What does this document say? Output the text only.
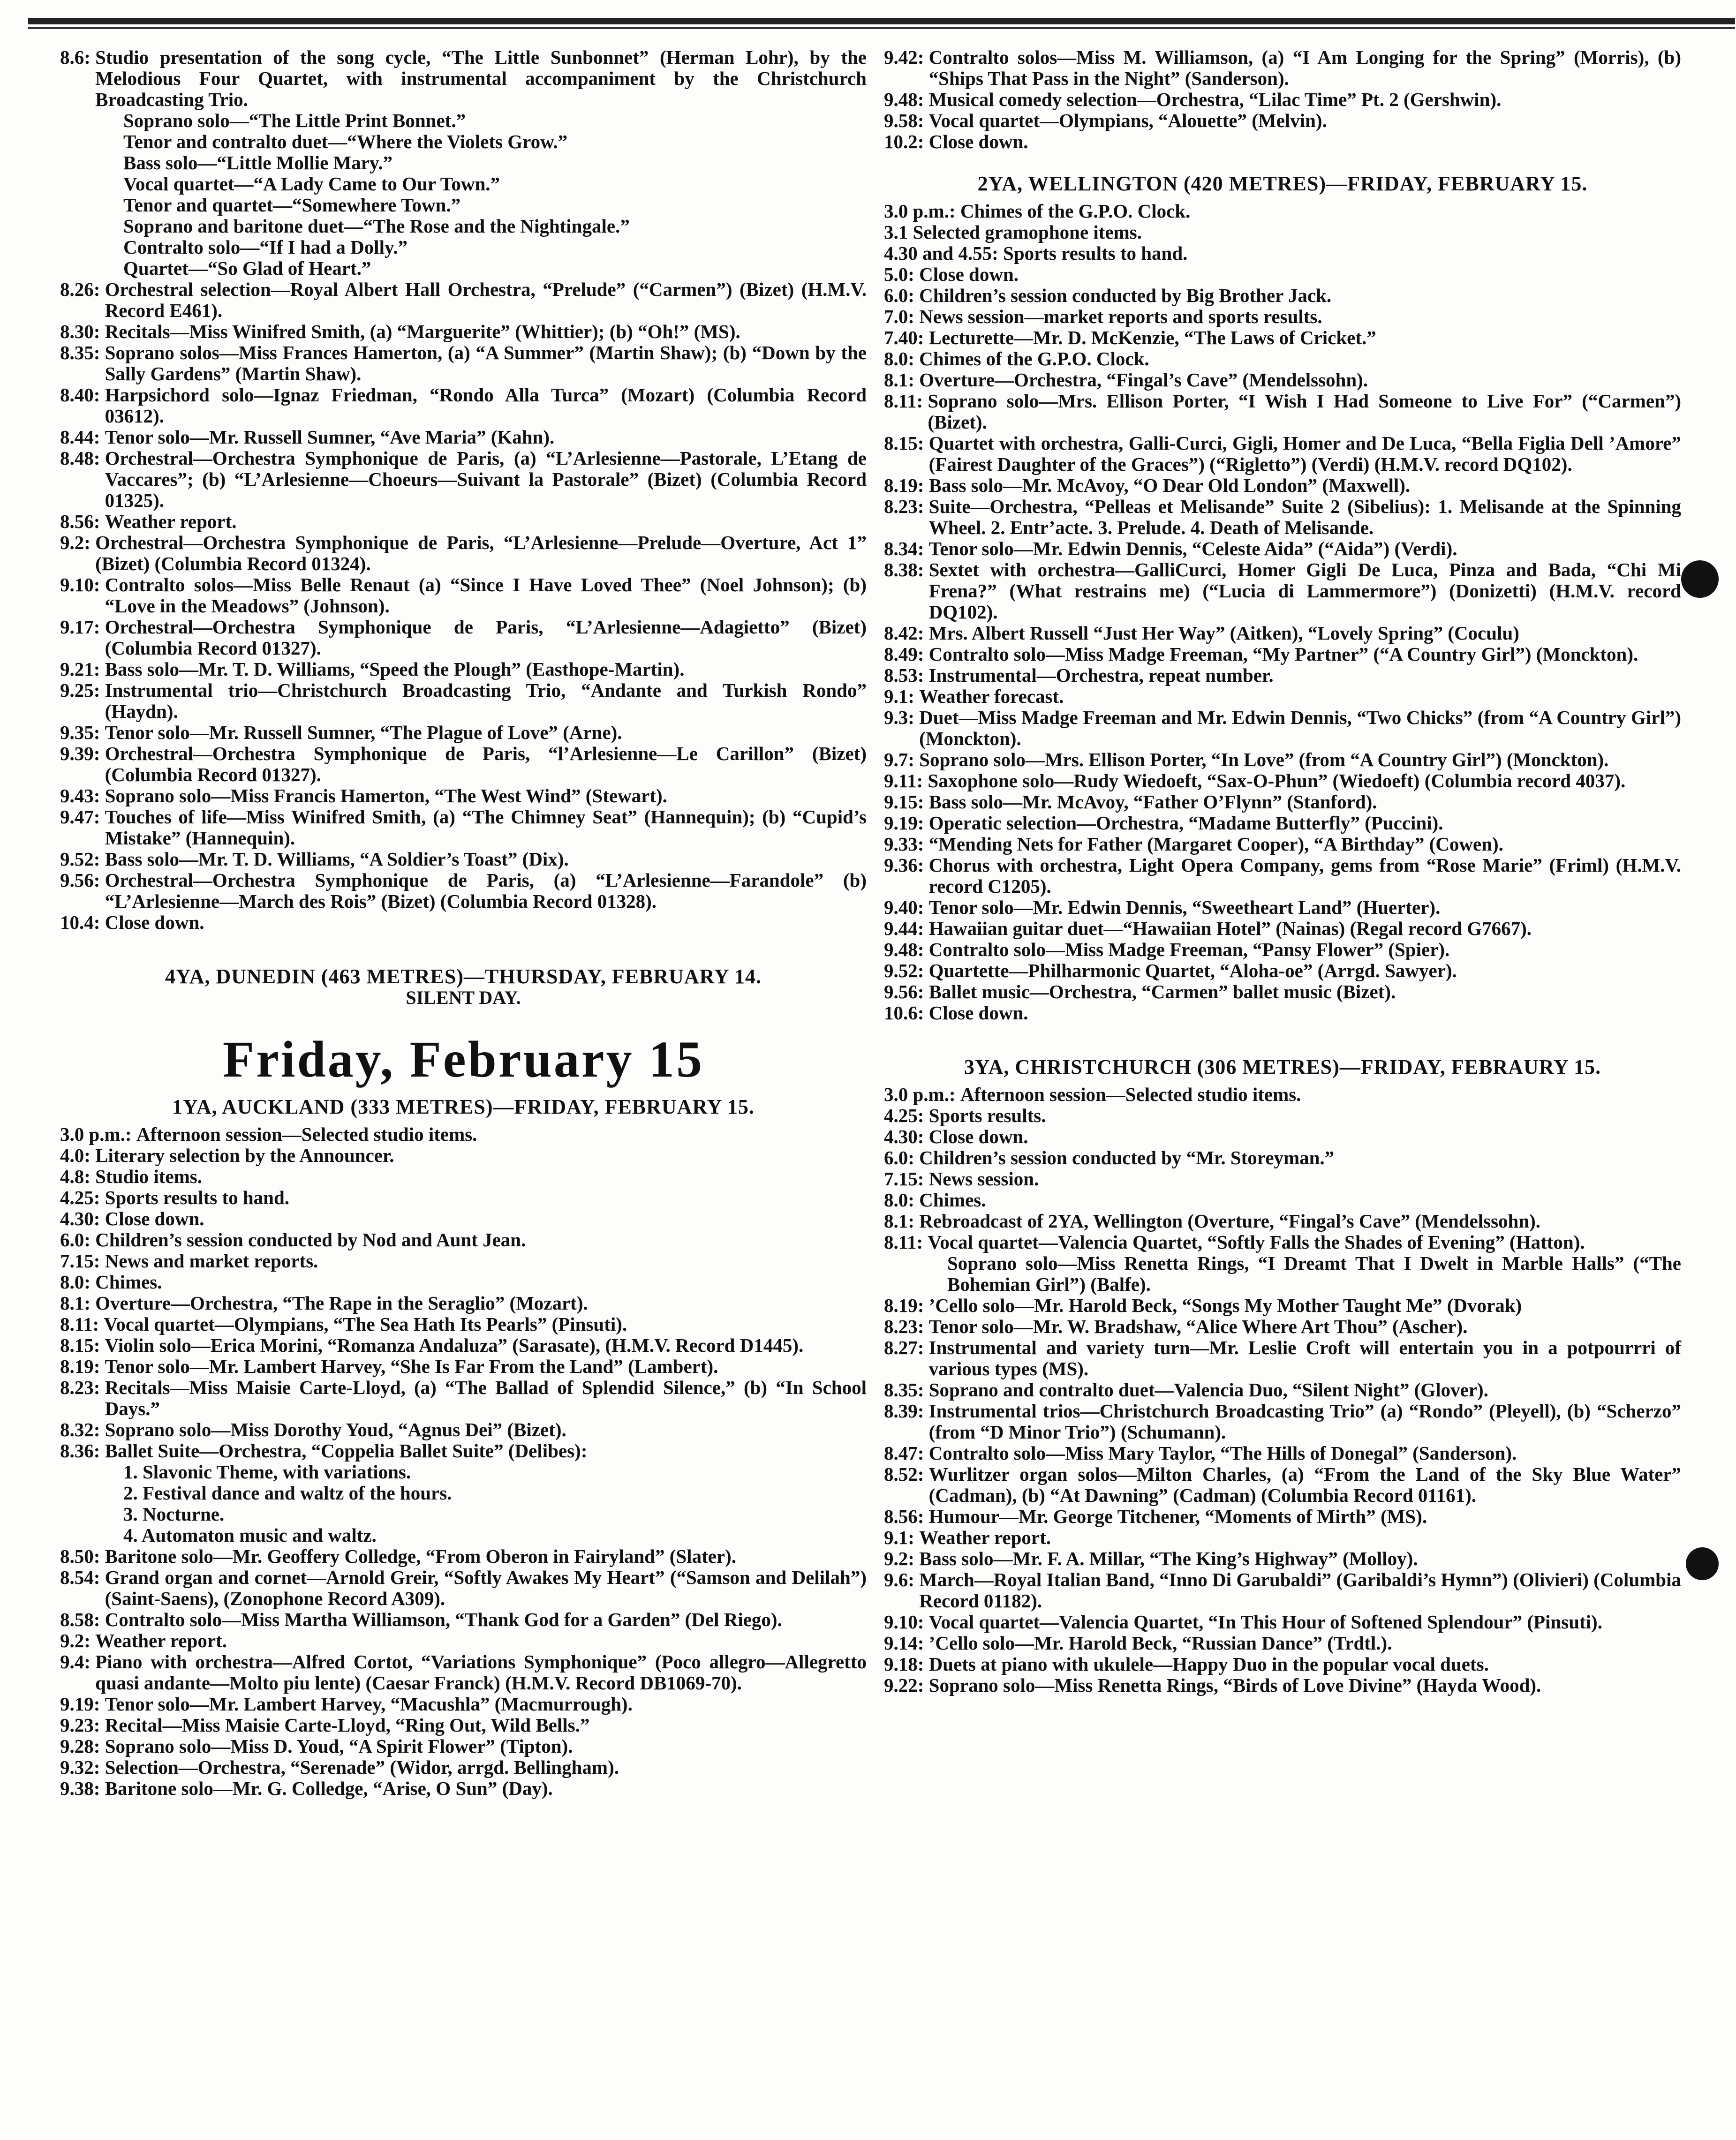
8.6:
Studio presentation of the song cycle, “The Little Sunbonnet” (Herman Lohr), by the Melodious Four Quartet, with instrumental accompaniment by the Christchurch Broadcasting Trio.
Soprano solo—“The Little Print Bonnet.”
Tenor and contralto duet—“Where the Violets Grow.”
Bass solo—“Little Mollie Mary.”
Vocal quartet—“A Lady Came to Our Town.”
Tenor and quartet—“Somewhere Town.”
Soprano and baritone duet—“The Rose and the Nightingale.”
Contralto solo—“If I had a Dolly.”
Quartet—“So Glad of Heart.”
8.26:
Orchestral selection—Royal Albert Hall Orchestra, “Prelude” (“Carmen”) (Bizet) (H.M.V. Record E461).
8.30:
Recitals—Miss Winifred Smith, (a) “Marguerite” (Whittier); (b) “Oh!” (MS).
8.35:
Soprano solos—Miss Frances Hamerton, (a) “A Summer” (Martin Shaw); (b) “Down by the Sally Gardens” (Martin Shaw).
8.40:
Harpsichord solo—Ignaz Friedman, “Rondo Alla Turca” (Mozart) (Columbia Record 03612).
8.44:
Tenor solo—Mr. Russell Sumner, “Ave Maria” (Kahn).
8.48:
Orchestral—Orchestra Symphonique de Paris, (a) “L’Arlesienne—Pastorale, L’Etang de Vaccares”; (b) “L’Arlesienne—Choeurs—Suivant la Pastorale” (Bizet) (Columbia Record 01325).
8.56:
Weather report.
9.2:
Orchestral—Orchestra Symphonique de Paris, “L’Arlesienne—Prelude—Overture, Act 1” (Bizet) (Columbia Record 01324).
9.10:
Contralto solos—Miss Belle Renaut (a) “Since I Have Loved Thee” (Noel Johnson); (b) “Love in the Meadows” (Johnson).
9.17:
Orchestral—Orchestra Symphonique de Paris, “L’Arlesienne—Adagietto” (Bizet) (Columbia Record 01327).
9.21:
Bass solo—Mr. T. D. Williams, “Speed the Plough” (Easthope-Martin).
9.25:
Instrumental trio—Christchurch Broadcasting Trio, “Andante and Turkish Rondo” (Haydn).
9.35:
Tenor solo—Mr. Russell Sumner, “The Plague of Love” (Arne).
9.39:
Orchestral—Orchestra Symphonique de Paris, “l’Arlesienne—Le Carillon” (Bizet) (Columbia Record 01327).
9.43:
Soprano solo—Miss Francis Hamerton, “The West Wind” (Stewart).
9.47:
Touches of life—Miss Winifred Smith, (a) “The Chimney Seat” (Hannequin); (b) “Cupid’s Mistake” (Hannequin).
9.52:
Bass solo—Mr. T. D. Williams, “A Soldier’s Toast” (Dix).
9.56:
Orchestral—Orchestra Symphonique de Paris, (a) “L’Arlesienne—Farandole” (b) “L’Arlesienne—March des Rois” (Bizet) (Columbia Record 01328).
10.4:
Close down.
4YA, DUNEDIN (463 METRES)—THURSDAY, FEBRUARY 14.
SILENT DAY.
Friday, February 15
1YA, AUCKLAND (333 METRES)—FRIDAY, FEBRUARY 15.
3.0 p.m.:
Afternoon session—Selected studio items.
4.0:
Literary selection by the Announcer.
4.8:
Studio items.
4.25:
Sports results to hand.
4.30:
Close down.
6.0:
Children’s session conducted by Nod and Aunt Jean.
7.15:
News and market reports.
8.0:
Chimes.
8.1:
Overture—Orchestra, “The Rape in the Seraglio” (Mozart).
8.11:
Vocal quartet—Olympians, “The Sea Hath Its Pearls” (Pinsuti).
8.15:
Violin solo—Erica Morini, “Romanza Andaluza” (Sarasate), (H.M.V. Record D1445).
8.19:
Tenor solo—Mr. Lambert Harvey, “She Is Far From the Land” (Lambert).
8.23:
Recitals—Miss Maisie Carte-Lloyd, (a) “The Ballad of Splendid Silence,” (b) “In School Days.”
8.32:
Soprano solo—Miss Dorothy Youd, “Agnus Dei” (Bizet).
8.36:
Ballet Suite—Orchestra, “Coppelia Ballet Suite” (Delibes):
1. Slavonic Theme, with variations.
2. Festival dance and waltz of the hours.
3. Nocturne.
4. Automaton music and waltz.
8.50:
Baritone solo—Mr. Geoffery Colledge, “From Oberon in Fairyland” (Slater).
8.54:
Grand organ and cornet—Arnold Greir, “Softly Awakes My Heart” (“Samson and Delilah”) (Saint-Saens), (Zonophone Record A309).
8.58:
Contralto solo—Miss Martha Williamson, “Thank God for a Garden” (Del Riego).
9.2:
Weather report.
9.4:
Piano with orchestra—Alfred Cortot, “Variations Symphonique” (Poco allegro—Allegretto quasi andante—Molto piu lente) (Caesar Franck) (H.M.V. Record DB1069-70).
9.19:
Tenor solo—Mr. Lambert Harvey, “Macushla” (Macmurrough).
9.23:
Recital—Miss Maisie Carte-Lloyd, “Ring Out, Wild Bells.”
9.28:
Soprano solo—Miss D. Youd, “A Spirit Flower” (Tipton).
9.32:
Selection—Orchestra, “Serenade” (Widor, arrgd. Bellingham).
9.38:
Baritone solo—Mr. G. Colledge, “Arise, O Sun” (Day).
9.42:
Contralto solos—Miss M. Williamson, (a) “I Am Longing for the Spring” (Morris), (b) “Ships That Pass in the Night” (Sanderson).
9.48:
Musical comedy selection—Orchestra, “Lilac Time” Pt. 2 (Gershwin).
9.58:
Vocal quartet—Olympians, “Alouette” (Melvin).
10.2:
Close down.
2YA, WELLINGTON (420 METRES)—FRIDAY, FEBRUARY 15.
3.0 p.m.:
Chimes of the G.P.O. Clock.
3.1
Selected gramophone items.
4.30 and 4.55:
Sports results to hand.
5.0:
Close down.
6.0:
Children’s session conducted by Big Brother Jack.
7.0:
News session—market reports and sports results.
7.40:
Lecturette—Mr. D. McKenzie, “The Laws of Cricket.”
8.0:
Chimes of the G.P.O. Clock.
8.1:
Overture—Orchestra, “Fingal’s Cave” (Mendelssohn).
8.11:
Soprano solo—Mrs. Ellison Porter, “I Wish I Had Someone to Live For” (“Carmen”) (Bizet).
8.15:
Quartet with orchestra, Galli-Curci, Gigli, Homer and De Luca, “Bella Figlia Dell ’Amore” (Fairest Daughter of the Graces”) (“Rigletto”) (Verdi) (H.M.V. record DQ102).
8.19:
Bass solo—Mr. McAvoy, “O Dear Old London” (Maxwell).
8.23:
Suite—Orchestra, “Pelleas et Melisande” Suite 2 (Sibelius): 1. Melisande at the Spinning Wheel. 2. Entr’acte. 3. Prelude. 4. Death of Melisande.
8.34:
Tenor solo—Mr. Edwin Dennis, “Celeste Aida” (“Aida”) (Verdi).
8.38:
Sextet with orchestra—GalliCurci, Homer Gigli De Luca, Pinza and Bada, “Chi Mi Frena?” (What restrains me) (“Lucia di Lammermore”) (Donizetti) (H.M.V. record DQ102).
8.42:
Mrs. Albert Russell “Just Her Way” (Aitken), “Lovely Spring” (Coculu)
8.49:
Contralto solo—Miss Madge Freeman, “My Partner” (“A Country Girl”) (Monckton).
8.53:
Instrumental—Orchestra, repeat number.
9.1:
Weather forecast.
9.3:
Duet—Miss Madge Freeman and Mr. Edwin Dennis, “Two Chicks” (from “A Country Girl”) (Monckton).
9.7:
Soprano solo—Mrs. Ellison Porter, “In Love” (from “A Country Girl”) (Monckton).
9.11:
Saxophone solo—Rudy Wiedoeft, “Sax-O-Phun” (Wiedoeft) (Columbia record 4037).
9.15:
Bass solo—Mr. McAvoy, “Father O’Flynn” (Stanford).
9.19:
Operatic selection—Orchestra, “Madame Butterfly” (Puccini).
9.33:
“Mending Nets for Father (Margaret Cooper), “A Birthday” (Cowen).
9.36:
Chorus with orchestra, Light Opera Company, gems from “Rose Marie” (Friml) (H.M.V. record C1205).
9.40:
Tenor solo—Mr. Edwin Dennis, “Sweetheart Land” (Huerter).
9.44:
Hawaiian guitar duet—“Hawaiian Hotel” (Nainas) (Regal record G7667).
9.48:
Contralto solo—Miss Madge Freeman, “Pansy Flower” (Spier).
9.52:
Quartette—Philharmonic Quartet, “Aloha-oe” (Arrgd. Sawyer).
9.56:
Ballet music—Orchestra, “Carmen” ballet music (Bizet).
10.6:
Close down.
3YA, CHRISTCHURCH (306 METRES)—FRIDAY, FEBRAURY 15.
3.0 p.m.:
Afternoon session—Selected studio items.
4.25:
Sports results.
4.30:
Close down.
6.0:
Children’s session conducted by “Mr. Storeyman.”
7.15:
News session.
8.0:
Chimes.
8.1:
Rebroadcast of 2YA, Wellington (Overture, “Fingal’s Cave” (Mendelssohn).
8.11:
Vocal quartet—Valencia Quartet, “Softly Falls the Shades of Evening” (Hatton).
Soprano solo—Miss Renetta Rings, “I Dreamt That I Dwelt in Marble Halls” (“The Bohemian Girl”) (Balfe).
8.19:
’Cello solo—Mr. Harold Beck, “Songs My Mother Taught Me” (Dvorak)
8.23:
Tenor solo—Mr. W. Bradshaw, “Alice Where Art Thou” (Ascher).
8.27:
Instrumental and variety turn—Mr. Leslie Croft will entertain you in a potpourrri of various types (MS).
8.35:
Soprano and contralto duet—Valencia Duo, “Silent Night” (Glover).
8.39:
Instrumental trios—Christchurch Broadcasting Trio” (a) “Rondo” (Pleyell), (b) “Scherzo” (from “D Minor Trio”) (Schumann).
8.47:
Contralto solo—Miss Mary Taylor, “The Hills of Donegal” (Sanderson).
8.52:
Wurlitzer organ solos—Milton Charles, (a) “From the Land of the Sky Blue Water” (Cadman), (b) “At Dawning” (Cadman) (Columbia Record 01161).
8.56:
Humour—Mr. George Titchener, “Moments of Mirth” (MS).
9.1:
Weather report.
9.2:
Bass solo—Mr. F. A. Millar, “The King’s Highway” (Molloy).
9.6:
March—Royal Italian Band, “Inno Di Garubaldi” (Garibaldi’s Hymn”) (Olivieri) (Columbia Record 01182).
9.10:
Vocal quartet—Valencia Quartet, “In This Hour of Softened Splendour” (Pinsuti).
9.14:
’Cello solo—Mr. Harold Beck, “Russian Dance” (Trdtl.).
9.18:
Duets at piano with ukulele—Happy Duo in the popular vocal duets.
9.22:
Soprano solo—Miss Renetta Rings, “Birds of Love Divine” (Hayda Wood).
